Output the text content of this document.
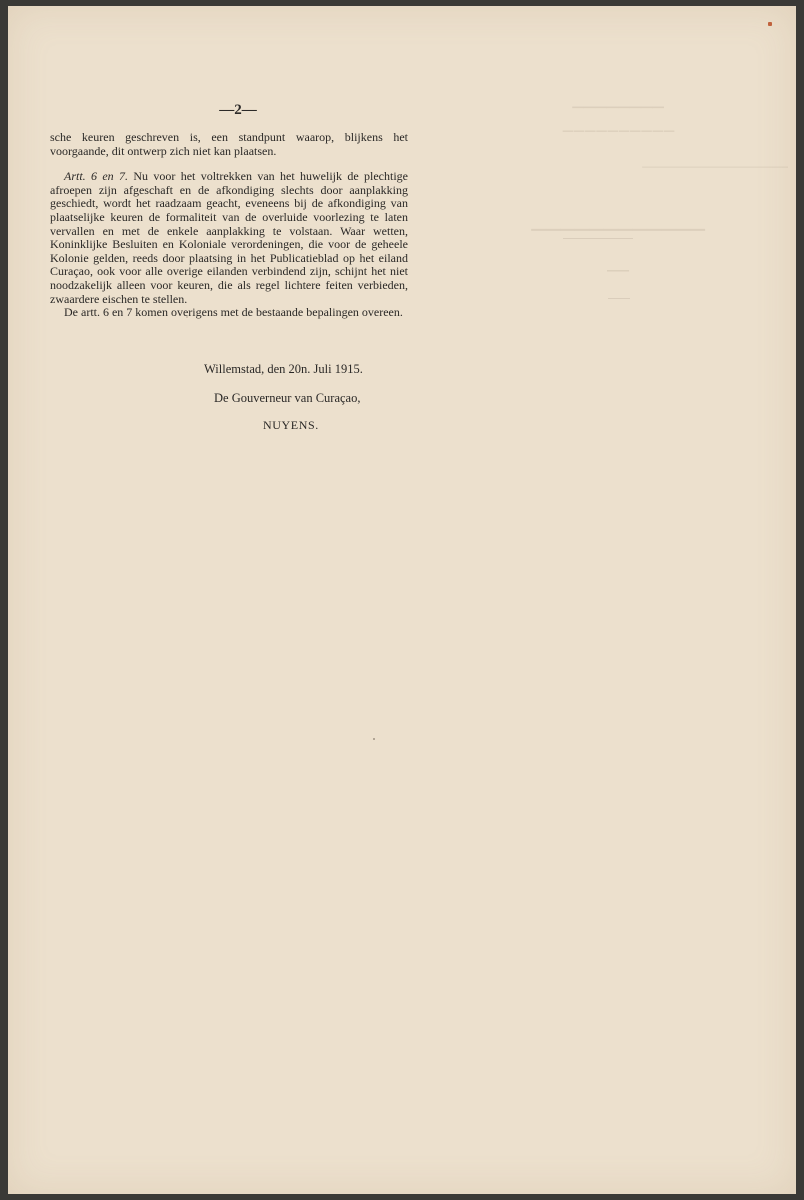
────────
──────────
──────────────────────
────────────
──
—2—

sche keuren geschreven is, een standpunt waarop, blijkens het voorgaande, dit ontwerp zich niet kan plaatsen.

Artt. 6 en 7. Nu voor het voltrekken van het huwelijk de plechtige afroepen zijn afgeschaft en de afkondiging slechts door aanplakking geschiedt, wordt het raadzaam geacht, eveneens bij de afkondiging van plaatselijke keuren de formaliteit van de overluide voorlezing te laten vervallen en met de enkele aanplakking te volstaan. Waar wetten, Koninklijke Besluiten en Koloniale verordeningen, die voor de geheele Kolonie gelden, reeds door plaatsing in het Publicatieblad op het eiland Curaçao, ook voor alle overige eilanden verbindend zijn, schijnt het niet noodzakelijk alleen voor keuren, die als regel lichtere feiten verbieden, zwaardere eischen te stellen.

De artt. 6 en 7 komen overigens met de bestaande bepalingen overeen.

Willemstad, den 20n. Juli 1915.
De Gouverneur van Curaçao,
NUYENS.
